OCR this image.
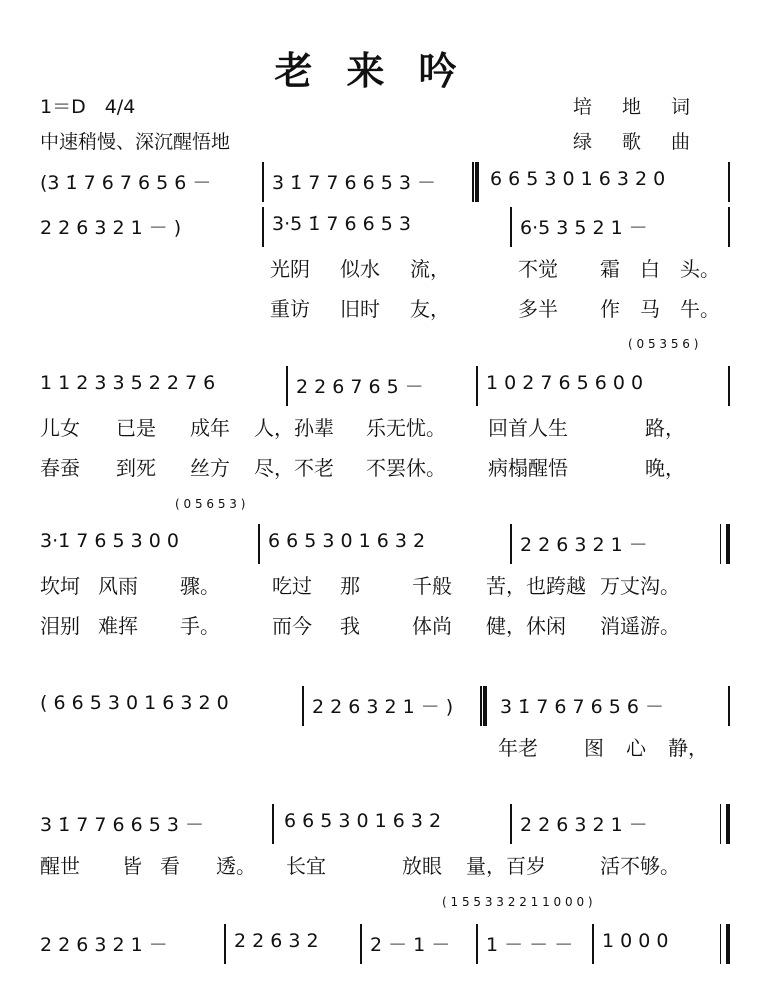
老来吟
1＝D　4/4
中速稍慢、深沉醒悟地
培地词
绿歌曲
(3 1̇ 7 6 7 6 5 6 －	3 1̇ 7 7 6 6 5 3 －	6 6 5 3 0 1 6 3 2 0
2 2 6 3 2 1 － )	3·5 1̇ 7 6 6 5 3	6·5 3 5 2 1 －
光阴 似水 流，	不觉 霜 白 头。
重访 旧时 友，	多半 作 马 牛。
( 0 5 3 5 6 )
1 1 2 3 3 5 2 2 7 6	2 2 6 7 6 5 －	1 0 2 7 6 5 6 0 0
儿女 已是 成年 人，孙辈 乐无忧。 回首人生	路，
春蚕 到死 丝方 尽，不老 不罢休。 病榻醒悟	晚，
( 0 5 6 5 3 )
3·1̇ 7 6 5 3 0 0	6 6 5 3 0 1 6 3 2	2 2 6 3 2 1 －
坎坷 风雨 骤。	吃过 那	千般 苦，也跨越 万丈沟。
泪别 难挥 手。	而今 我	体尚 健，休闲 消遥游。
( 6 6 5 3 0 1 6 3 2 0	2 2 6 3 2 1 － ) 3 1̇ 7 6 7 6 5 6 －
年老 图 心 静，
3 1̇ 7 7 6 6 5 3 －	6 6 5 3 0 1 6 3 2	2 2 6 3 2 1 －
醒世 皆 看 透。 长宜	放眼 量，百岁	活不够。
( 1 5 5 3 3 2 2 1 1 0 0 0 )
2 2 6 3 2 1 －	2 2 6 3 2	2 － 1 － 1 － － － 1 0 0 0
